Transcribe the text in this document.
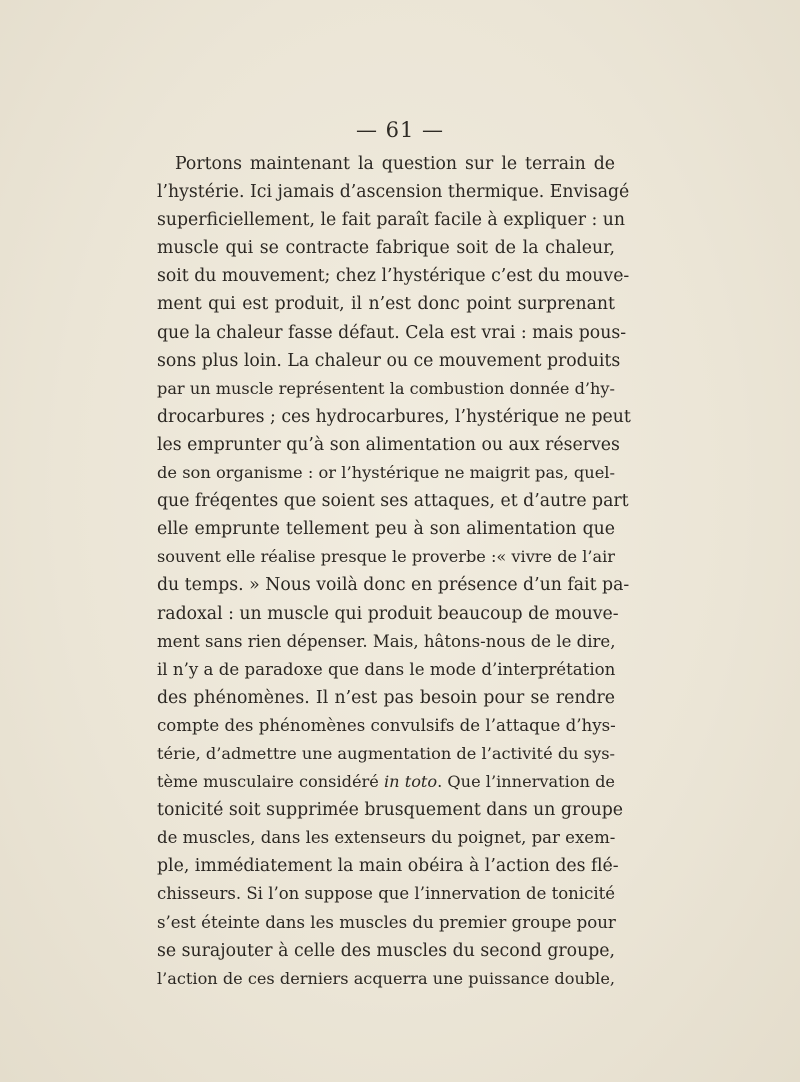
— 61 —
Portons maintenant la question sur le terrain de
l’hystérie. Ici jamais d’ascension thermique. Envisagé
superficiellement, le fait paraît facile à expliquer : un
muscle qui se contracte fabrique soit de la chaleur,
soit du mouvement; chez l’hystérique c’est du mouve-
ment qui est produit, il n’est donc point surprenant
que la chaleur fasse défaut. Cela est vrai : mais pous-
sons plus loin. La chaleur ou ce mouvement produits
par un muscle représentent la combustion donnée d’hy-
drocarbures ; ces hydrocarbures, l’hystérique ne peut
les emprunter qu’à son alimentation ou aux réserves
de son organisme : or l’hystérique ne maigrit pas, quel-
que fréqentes que soient ses attaques, et d’autre part
elle emprunte tellement peu à son alimentation que
souvent elle réalise presque le proverbe :« vivre de l’air
du temps. » Nous voilà donc en présence d’un fait pa-
radoxal : un muscle qui produit beaucoup de mouve-
ment sans rien dépenser. Mais, hâtons-nous de le dire,
il n’y a de paradoxe que dans le mode d’interprétation
des phénomènes. Il n’est pas besoin pour se rendre
compte des phénomènes convulsifs de l’attaque d’hys-
térie, d’admettre une augmentation de l’activité du sys-
tème musculaire considéré in toto. Que l’innervation de
tonicité soit supprimée brusquement dans un groupe
de muscles, dans les extenseurs du poignet, par exem-
ple, immédiatement la main obéira à l’action des flé-
chisseurs. Si l’on suppose que l’innervation de tonicité
s’est éteinte dans les muscles du premier groupe pour
se surajouter à celle des muscles du second groupe,
l’action de ces derniers acquerra une puissance double,
